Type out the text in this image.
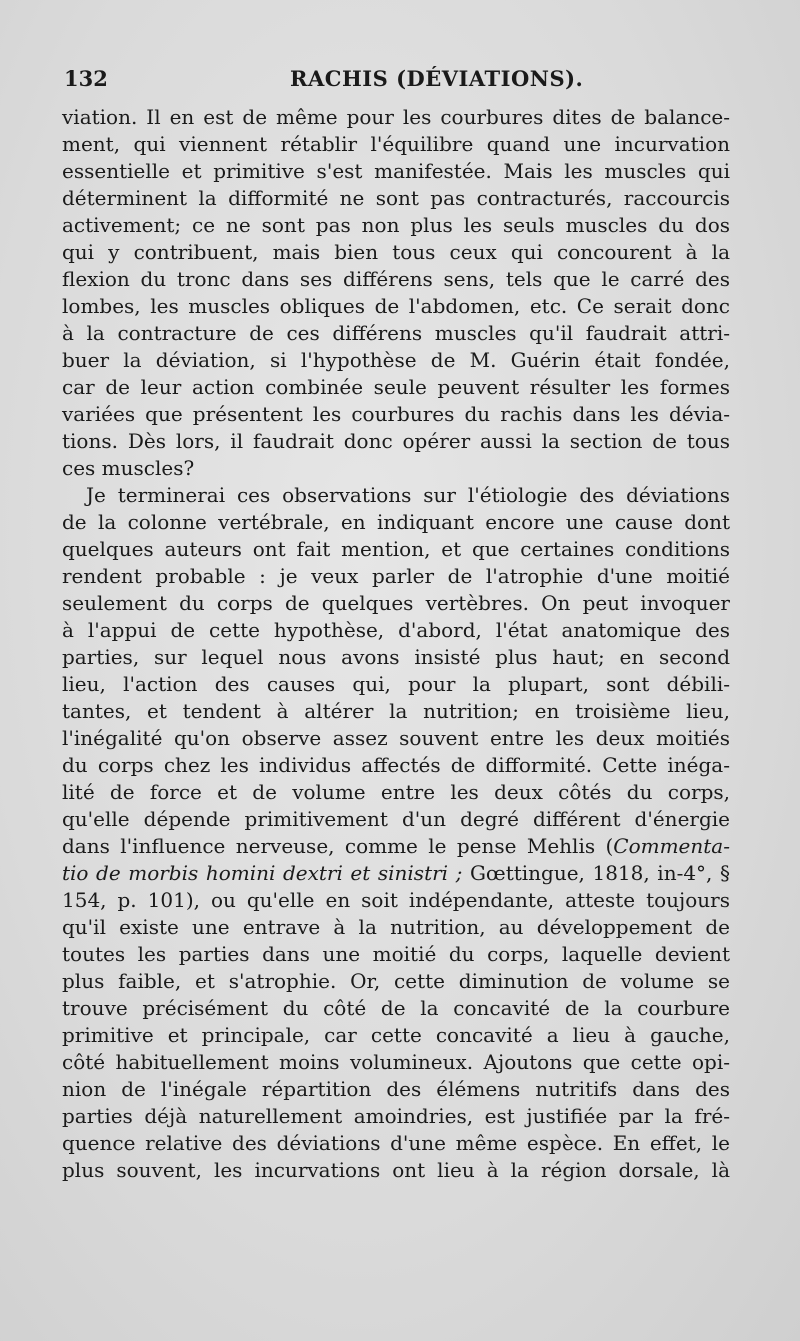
132	RACHIS (DÉVIATIONS).
viation. Il en est de même pour les courbures dites de balance-
ment, qui viennent rétablir l'équilibre quand une incurvation
essentielle et primitive s'est manifestée. Mais les muscles qui
déterminent la difformité ne sont pas contracturés, raccourcis
activement; ce ne sont pas non plus les seuls muscles du dos
qui y contribuent, mais bien tous ceux qui concourent à la
flexion du tronc dans ses différens sens, tels que le carré des
lombes, les muscles obliques de l'abdomen, etc. Ce serait donc
à la contracture de ces différens muscles qu'il faudrait attri-
buer la déviation, si l'hypothèse de M. Guérin était fondée,
car de leur action combinée seule peuvent résulter les formes
variées que présentent les courbures du rachis dans les dévia-
tions. Dès lors, il faudrait donc opérer aussi la section de tous
ces muscles?
Je terminerai ces observations sur l'étiologie des déviations
de la colonne vertébrale, en indiquant encore une cause dont
quelques auteurs ont fait mention, et que certaines conditions
rendent probable : je veux parler de l'atrophie d'une moitié
seulement du corps de quelques vertèbres. On peut invoquer
à l'appui de cette hypothèse, d'abord, l'état anatomique des
parties, sur lequel nous avons insisté plus haut; en second
lieu, l'action des causes qui, pour la plupart, sont débili-
tantes, et tendent à altérer la nutrition; en troisième lieu,
l'inégalité qu'on observe assez souvent entre les deux moitiés
du corps chez les individus affectés de difformité. Cette inéga-
lité de force et de volume entre les deux côtés du corps,
qu'elle dépende primitivement d'un degré différent d'énergie
dans l'influence nerveuse, comme le pense Mehlis (Commenta-
tio de morbis homini dextri et sinistri ; Gœttingue, 1818, in-4°, §
154, p. 101), ou qu'elle en soit indépendante, atteste toujours
qu'il existe une entrave à la nutrition, au développement de
toutes les parties dans une moitié du corps, laquelle devient
plus faible, et s'atrophie. Or, cette diminution de volume se
trouve précisément du côté de la concavité de la courbure
primitive et principale, car cette concavité a lieu à gauche,
côté habituellement moins volumineux. Ajoutons que cette opi-
nion de l'inégale répartition des élémens nutritifs dans des
parties déjà naturellement amoindries, est justifiée par la fré-
quence relative des déviations d'une même espèce. En effet, le
plus souvent, les incurvations ont lieu à la région dorsale, là
